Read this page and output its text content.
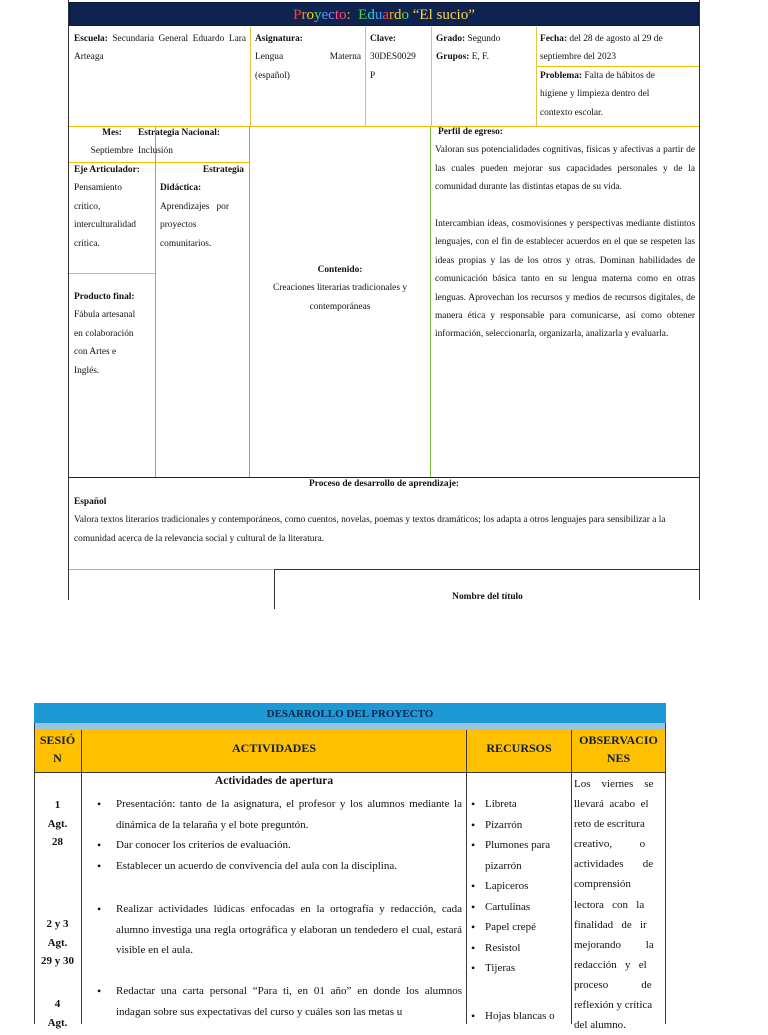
Proyecto: Eduardo “El sucio”
Escuela: Secundaria General Eduardo Lara Arteaga
Asignatura:

Lengua	Materna
(español)
Clave:
30DES0029
P
Grado: Segundo
Grupos: E, F.
Fecha: del 28 de agosto al 29 de septiembre del 2023
Problema: Falta de hábitos de higiene y limpieza dentro del contexto escolar.
Mes:
Septiembre
Estrategia Nacional:
Inclusión
Eje Articulador:
Pensamiento
crítico,
interculturalidad
crítica.
Estrategia
Didáctica:
Aprendizajes   por
proyectos
comunitarios.
Producto final:
Fábula artesanal
en colaboración
con Artes e
Inglés.
Contenido:
Creaciones literarias tradicionales y contemporáneas
Perfil de egreso:

Valoran sus potencialidades cognitivas, físicas y afectivas a partir de las cuales pueden mejorar sus capacidades personales y de la comunidad durante las distintas etapas de su vida.
Intercambian ideas, cosmovisiones y perspectivas mediante distintos lenguajes, con el fin de establecer acuerdos en el que se respeten las ideas propias y las de los otros y otras. Dominan habilidades de comunicación básica tanto en su lengua materna como en otras lenguas. Aprovechan los recursos y medios de recursos digitales, de manera ética y responsable para comunicarse, así como obtener información, seleccionarla, organizarla, analizarla y evaluarla.
Proceso de desarrollo de aprendizaje:
Español
Valora textos literarios tradicionales y contemporáneos, como cuentos, novelas, poemas y textos dramáticos; los adapta a otros lenguajes para sensibilizar a la comunidad acerca de la relevancia social y cultural de la literatura.
Nombre del título
DESARROLLO DEL PROYECTO
SESIÓ
N
ACTIVIDADES	RECURSOS
OBSERVACIO
NES
1
Agt.
28
2 y 3
Agt.
29 y 30
4
Agt.
Actividades de apertura
• Presentación: tanto de la asignatura, el profesor y los alumnos mediante la dinámica de la telaraña y el bote preguntón.
• Dar conocer los criterios de evaluación.
• Establecer un acuerdo de convivencia del aula con la disciplina.
• Realizar actividades lúdicas enfocadas en la ortografía y redacción, cada alumno investiga una regla ortográfica y elaboran un tendedero el cual, estará visible en el aula.
• Redactar una carta personal “Para ti, en 01 año” en donde los alumnos indagan sobre sus expectativas del curso y cuáles son las metas u
• Libreta
• Pizarrón
• Plumones para
pizarrón
• Lapiceros
• Cartulinas
• Papel crepé
• Resistol
• Tijeras
• Hojas blancas o
Los    viernes    se
llevará  acabo  el
reto de escritura
creativo,          o
actividades       de
comprensión
lectora   con   la
finalidad   de   ir
mejorando         la
redacción   y   el
proceso            de
reflexión y crítica
del alumno.
